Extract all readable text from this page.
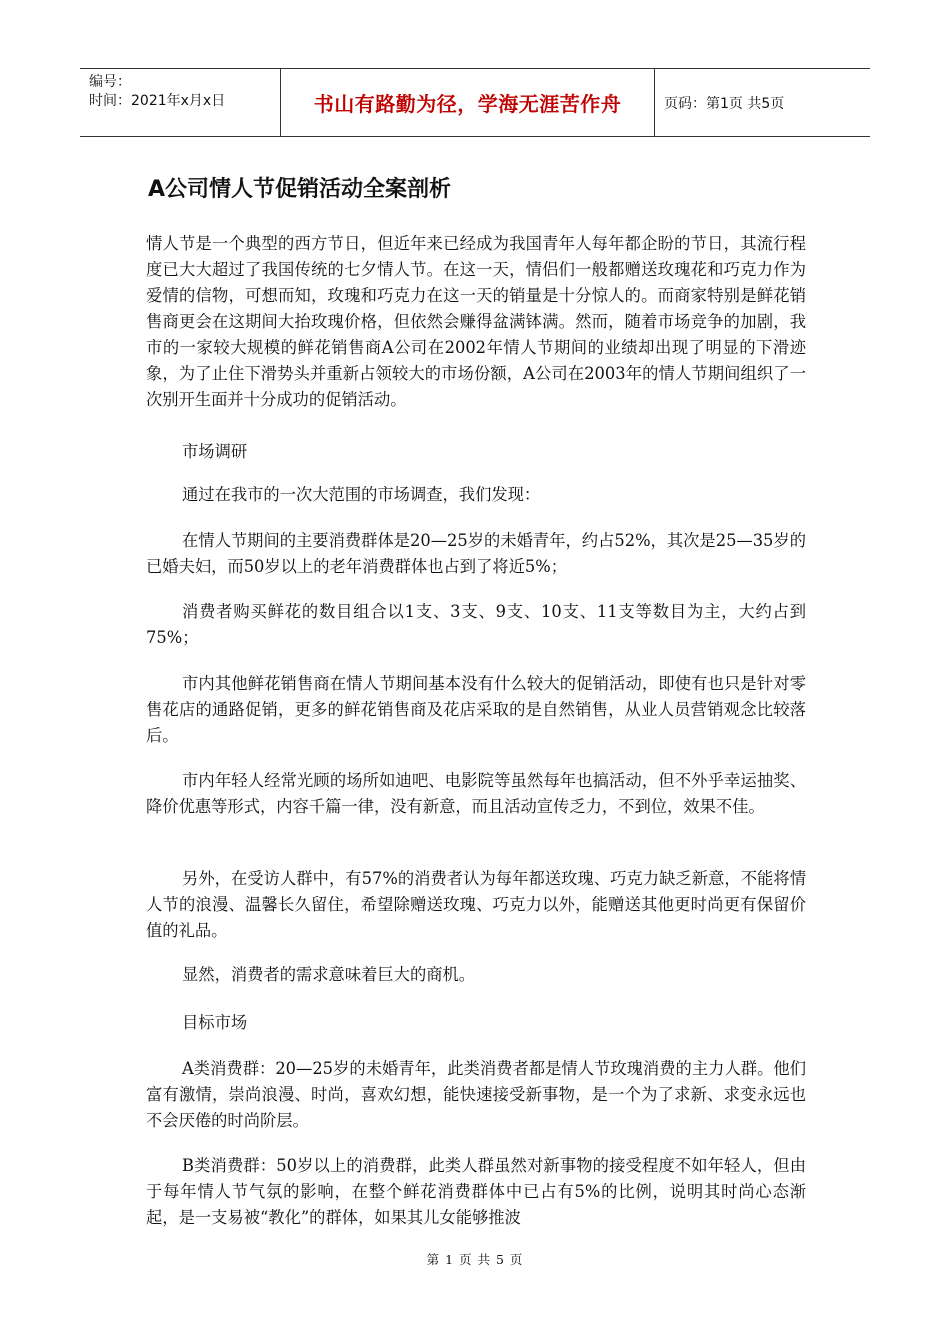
编号：
时间：2021年x月x日	书山有路勤为径，学海无涯苦作舟	页码：第1页 共5页
A公司情人节促销活动全案剖析

情人节是一个典型的西方节日，但近年来已经成为我国青年人每年都企盼的节日，其流行程度已大大超过了我国传统的七夕情人节。在这一天，情侣们一般都赠送玫瑰花和巧克力作为爱情的信物，可想而知，玫瑰和巧克力在这一天的销量是十分惊人的。而商家特别是鲜花销售商更会在这期间大抬玫瑰价格，但依然会赚得盆满钵满。然而，随着市场竞争的加剧，我市的一家较大规模的鲜花销售商A公司在2002年情人节期间的业绩却出现了明显的下滑迹象，为了止住下滑势头并重新占领较大的市场份额，A公司在2003年的情人节期间组织了一次别开生面并十分成功的促销活动。

市场调研

通过在我市的一次大范围的市场调查，我们发现：

在情人节期间的主要消费群体是20—25岁的未婚青年，约占52%，其次是25—35岁的已婚夫妇，而50岁以上的老年消费群体也占到了将近5%；

消费者购买鲜花的数目组合以1支、3支、9支、10支、11支等数目为主，大约占到75%；

市内其他鲜花销售商在情人节期间基本没有什么较大的促销活动，即使有也只是针对零售花店的通路促销，更多的鲜花销售商及花店采取的是自然销售，从业人员营销观念比较落后。

市内年轻人经常光顾的场所如迪吧、电影院等虽然每年也搞活动，但不外乎幸运抽奖、降价优惠等形式，内容千篇一律，没有新意，而且活动宣传乏力，不到位，效果不佳。

另外，在受访人群中，有57%的消费者认为每年都送玫瑰、巧克力缺乏新意，不能将情人节的浪漫、温馨长久留住，希望除赠送玫瑰、巧克力以外，能赠送其他更时尚更有保留价值的礼品。

显然，消费者的需求意味着巨大的商机。

目标市场

A类消费群：20—25岁的未婚青年，此类消费者都是情人节玫瑰消费的主力人群。他们富有激情，崇尚浪漫、时尚，喜欢幻想，能快速接受新事物，是一个为了求新、求变永远也不会厌倦的时尚阶层。

B类消费群：50岁以上的消费群，此类人群虽然对新事物的接受程度不如年轻人，但由于每年情人节气氛的影响，在整个鲜花消费群体中已占有5%的比例，说明其时尚心态渐起，是一支易被“教化”的群体，如果其儿女能够推波

第 1 页 共 5 页
